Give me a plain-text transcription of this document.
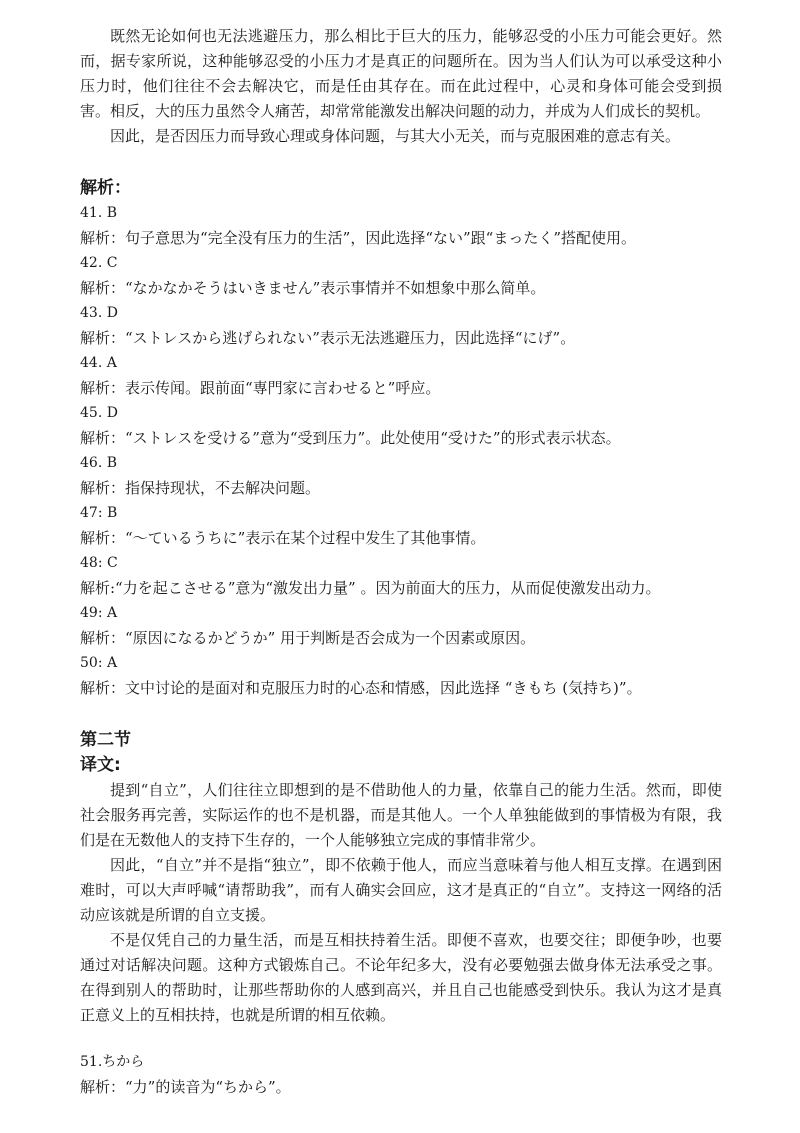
既然无论如何也无法逃避压力，那么相比于巨大的压力，能够忍受的小压力可能会更好。然而，据专家所说，这种能够忍受的小压力才是真正的问题所在。因为当人们认为可以承受这种小压力时，他们往往不会去解决它，而是任由其存在。而在此过程中，心灵和身体可能会受到损害。相反，大的压力虽然令人痛苦，却常常能激发出解决问题的动力，并成为人们成长的契机。

因此，是否因压力而导致心理或身体问题，与其大小无关，而与克服困难的意志有关。

解析：

41. B
解析：句子意思为“完全没有压力的生活”，因此选择“ない”跟“まったく”搭配使用。
42. C
解析：“なかなかそうはいきません”表示事情并不如想象中那么简单。
43. D
解析：“ストレスから逃げられない”表示无法逃避压力，因此选择“にげ”。
44. A
解析：表示传闻。跟前面“専門家に言わせると”呼应。
45. D
解析：“ストレスを受ける”意为“受到压力”。此处使用“受けた”的形式表示状态。
46. B
解析：指保持现状，不去解决问题。
47: B
解析：“～ているうちに”表示在某个过程中发生了其他事情。
48: C
解析:“力を起こさせる”意为“激发出力量” 。因为前面大的压力，从而促使激发出动力。
49: A
解析：“原因になるかどうか” 用于判断是否会成为一个因素或原因。
50: A
解析：文中讨论的是面对和克服压力时的心态和情感，因此选择 “きもち (気持ち)”。

第二节

译文:

提到“自立”，人们往往立即想到的是不借助他人的力量，依靠自己的能力生活。然而，即使社会服务再完善，实际运作的也不是机器，而是其他人。一个人单独能做到的事情极为有限，我们是在无数他人的支持下生存的，一个人能够独立完成的事情非常少。

因此，“自立”并不是指“独立”，即不依赖于他人，而应当意味着与他人相互支撑。在遇到困难时，可以大声呼喊“请帮助我”，而有人确实会回应，这才是真正的“自立”。支持这一网络的活动应该就是所谓的自立支援。

不是仅凭自己的力量生活，而是互相扶持着生活。即便不喜欢，也要交往；即便争吵，也要通过对话解决问题。这种方式锻炼自己。不论年纪多大，没有必要勉强去做身体无法承受之事。在得到别人的帮助时，让那些帮助你的人感到高兴，并且自己也能感受到快乐。我认为这才是真正意义上的互相扶持，也就是所谓的相互依赖。

51.ちから
解析：“力”的读音为“ちから”。
